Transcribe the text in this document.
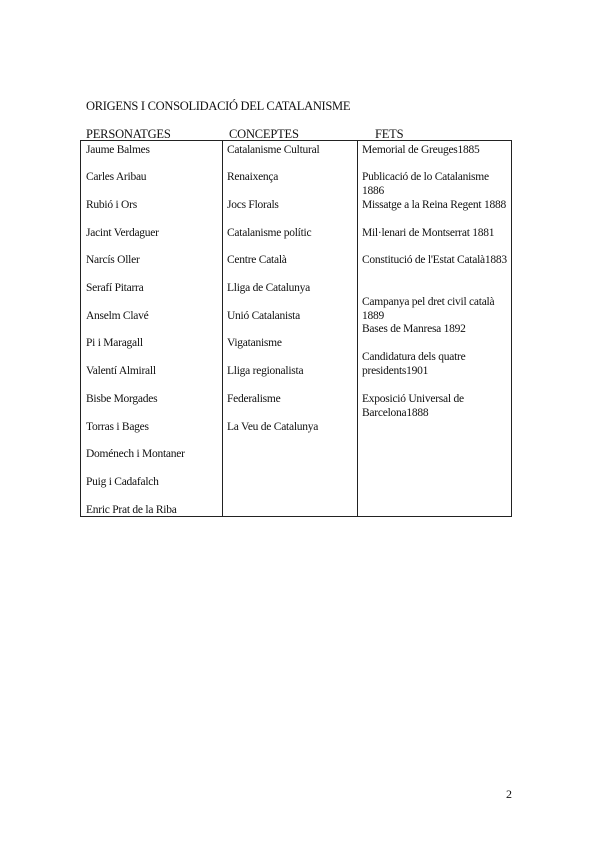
ORIGENS I CONSOLIDACIÓ DEL CATALANISME
PERSONATGES	CONCEPTES	FETS
Jaume Balmes
Carles Aribau
Rubió i Ors
Jacint Verdaguer
Narcís Oller
Serafí Pitarra
Anselm Clavé
Pi i Maragall
Valentí Almirall
Bisbe Morgades
Torras i Bages
Doménech i Montaner
Puig i Cadafalch
Enric Prat de la Riba
Catalanisme Cultural
Renaixença
Jocs Florals
Catalanisme polític
Centre Català
Lliga de Catalunya
Unió Catalanista
Vigatanisme
Lliga regionalista
Federalisme
La Veu de Catalunya
Memorial de Greuges1885
Publicació de lo Catalanisme 1886
Missatge a la Reina Regent 1888
Mil·lenari de Montserrat 1881
Constitució de l'Estat Català1883
Campanya pel dret civil català 1889
Bases de Manresa 1892
Candidatura dels quatre presidents1901
Exposició Universal de Barcelona1888
2
